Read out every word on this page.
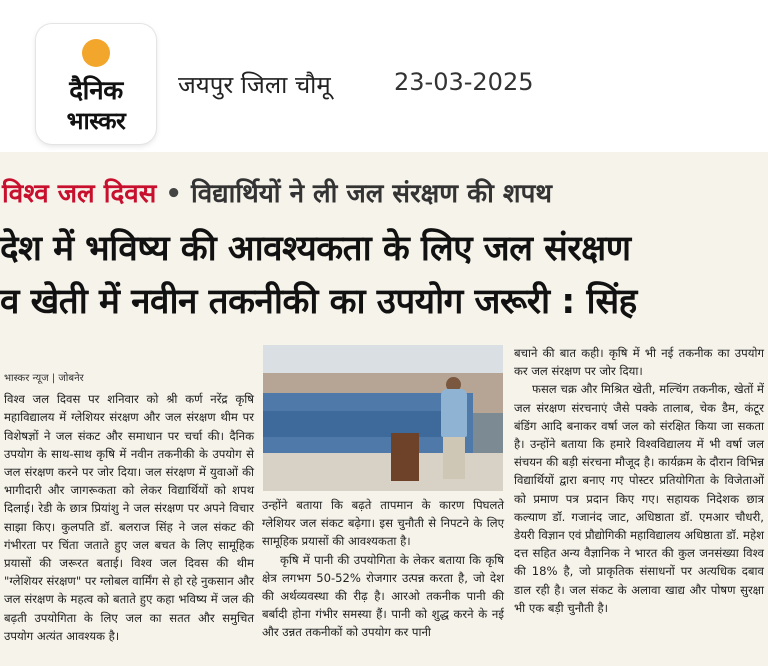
दैनिक
भास्कर
जयपुर जिला चौमू	23-03-2025
विश्व जल दिवस • विद्यार्थियों ने ली जल संरक्षण की शपथ
देश में भविष्य की आवश्यकता के लिए जल संरक्षण
व खेती में नवीन तकनीकी का उपयोग जरूरी : सिंह

भास्कर न्यूज | जोबनेर

विश्व जल दिवस पर शनिवार को श्री कर्ण नरेंद्र कृषि महाविद्यालय में ग्लेशियर संरक्षण और जल संरक्षण थीम पर विशेषज्ञों ने जल संकट और समाधान पर चर्चा की। दैनिक उपयोग के साथ-साथ कृषि में नवीन तकनीकी के उपयोग से जल संरक्षण करने पर जोर दिया। जल संरक्षण में युवाओं की भागीदारी और जागरूकता को लेकर विद्यार्थियों को शपथ दिलाई। रेडी के छात्र प्रियांशु ने जल संरक्षण पर अपने विचार साझा किए। कुलपति डॉ. बलराज सिंह ने जल संकट की गंभीरता पर चिंता जताते हुए जल बचत के लिए सामूहिक प्रयासों की जरूरत बताई। विश्व जल दिवस की थीम "ग्लेशियर संरक्षण" पर ग्लोबल वार्मिंग से हो रहे नुकसान और जल संरक्षण के महत्व को बताते हुए कहा भविष्य में जल की बढ़ती उपयोगिता के लिए जल का सतत और समुचित उपयोग अत्यंत आवश्यक है।

उन्होंने बताया कि बढ़ते तापमान के कारण पिघलते ग्लेशियर जल संकट बढ़ेगा। इस चुनौती से निपटने के लिए सामूहिक प्रयासों की आवश्यकता है।

कृषि में पानी की उपयोगिता के लेकर बताया कि कृषि क्षेत्र लगभग 50-52% रोजगार उत्पन्न करता है, जो देश की अर्थव्यवस्था की रीढ़ है। आरओ तकनीक पानी की बर्बादी होना गंभीर समस्या हैं। पानी को शुद्ध करने के नई और उन्नत तकनीकों को उपयोग कर पानी

बचाने की बात कही। कृषि में भी नई तकनीक का उपयोग कर जल संरक्षण पर जोर दिया।

फसल चक्र और मिश्रित खेती, मल्चिंग तकनीक, खेतों में जल संरक्षण संरचनाएं जैसे पक्के तालाब, चेक डैम, कंटूर बंडिंग आदि बनाकर वर्षा जल को संरक्षित किया जा सकता है। उन्होंने बताया कि हमारे विश्वविद्यालय में भी वर्षा जल संचयन की बड़ी संरचना मौजूद है। कार्यक्रम के दौरान विभिन्न विद्यार्थियों द्वारा बनाए गए पोस्टर प्रतियोगिता के विजेताओं को प्रमाण पत्र प्रदान किए गए। सहायक निदेशक छात्र कल्याण डॉ. गजानंद जाट, अधिष्ठाता डॉ. एमआर चौधरी, डेयरी विज्ञान एवं प्रौद्योगिकी महाविद्यालय अधिष्ठाता डॉ. महेश दत्त सहित अन्य वैज्ञानिक ने भारत की कुल जनसंख्या विश्व की 18% है, जो प्राकृतिक संसाधनों पर अत्यधिक दबाव डाल रही है। जल संकट के अलावा खाद्य और पोषण सुरक्षा भी एक बड़ी चुनौती है।
